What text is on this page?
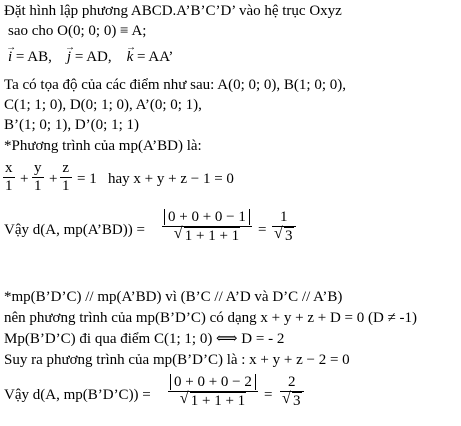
Đặt hình lập phương ABCD.A’B’C’D’ vào hệ trục Oxyz
sao cho O(0; 0; 0) ≡ A;
→ i = AB, → j = AD, → k = AA’
Ta có tọa độ của các điểm như sau: A(0; 0; 0), B(1; 0; 0),
C(1; 1; 0), D(0; 1; 0), A’(0; 0; 1),
B’(1; 0; 1), D’(0; 1; 1)
*Phương trình của mp(A’BD) là:
x
1 +
y
1 +
z
1 = 1 hay x + y + z − 1 = 0
Vậy d(A, mp(A’BD)) =
0 + 0 + 0 − 1
√ 1 + 1 + 1 =
1
√ 3
*mp(B’D’C) // mp(A’BD) vì (B’C // A’D và D’C // A’B)
nên phương trình của mp(B’D’C) có dạng x + y + z + D = 0 (D ≠ -1)
Mp(B’D’C) đi qua điểm C(1; 1; 0) ⟺ D = - 2
Suy ra phương trình của mp(B’D’C) là : x + y + z − 2 = 0
Vậy d(A, mp(B’D’C)) =
0 + 0 + 0 − 2
√ 1 + 1 + 1 =
2
√ 3
